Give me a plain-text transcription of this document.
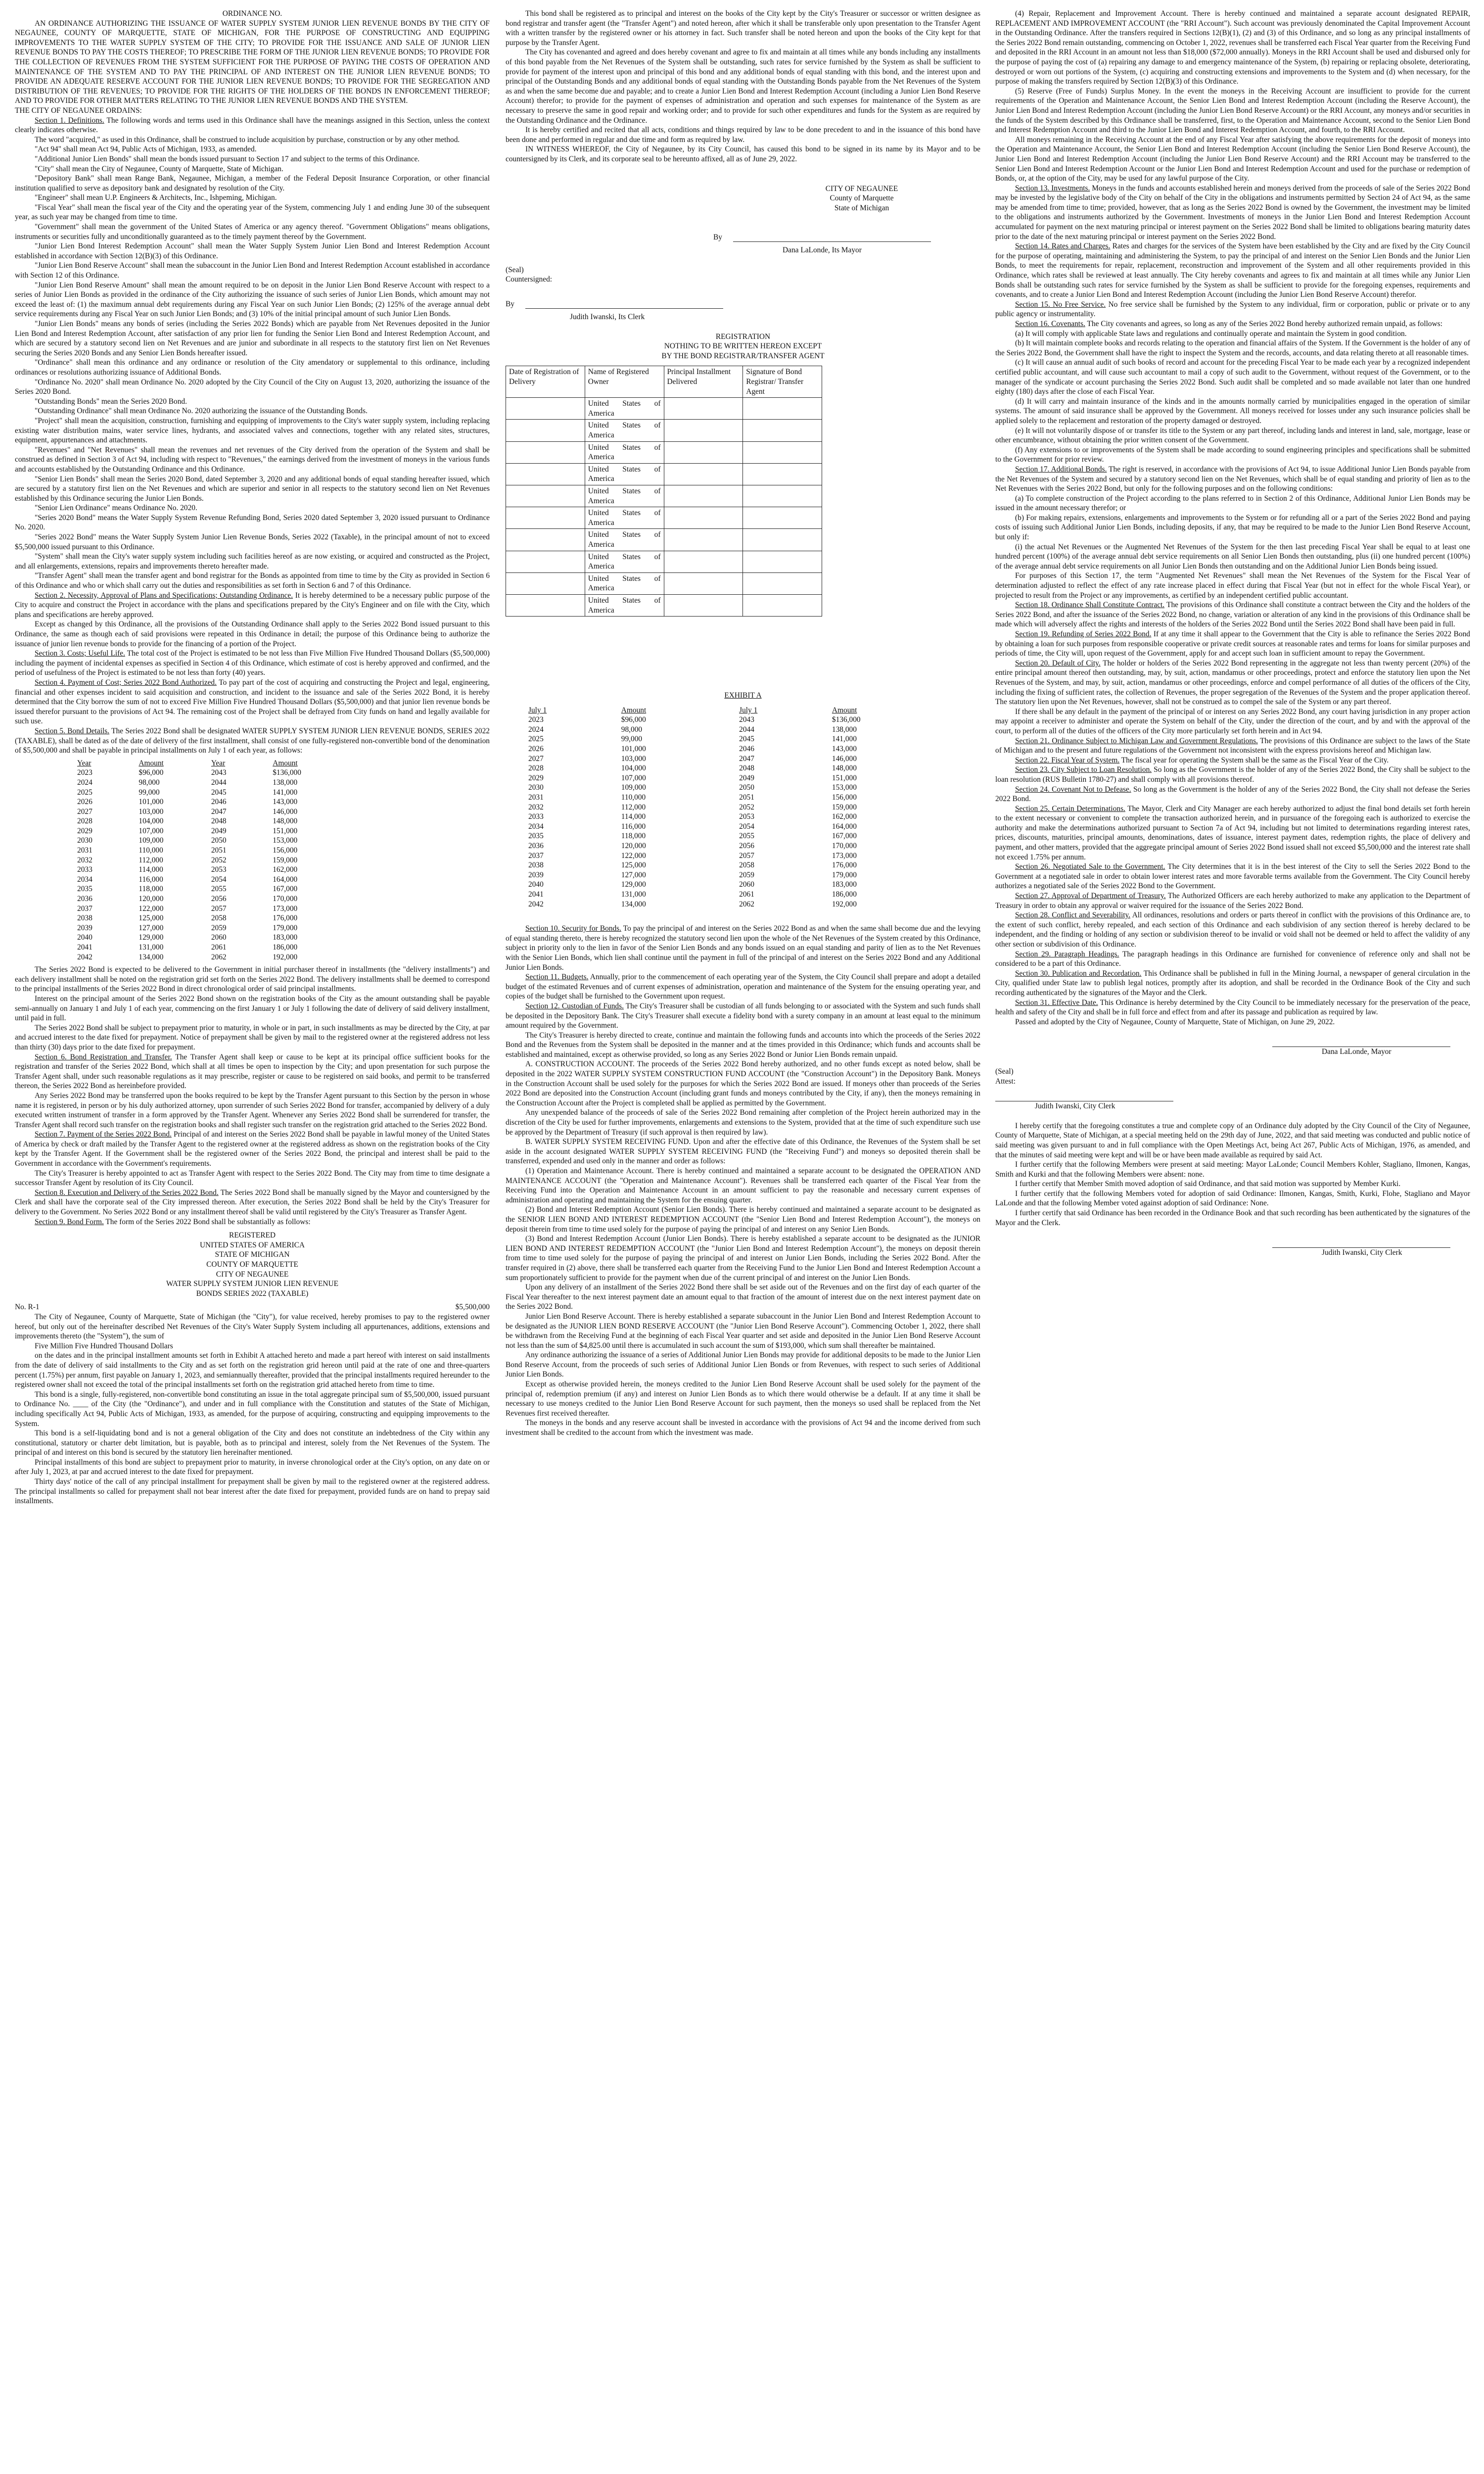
ORDINANCE NO.

AN ORDINANCE AUTHORIZING THE ISSUANCE OF WATER SUPPLY SYSTEM JUNIOR LIEN REVENUE BONDS BY THE CITY OF NEGAUNEE, COUNTY OF MARQUETTE, STATE OF MICHIGAN, FOR THE PURPOSE OF CONSTRUCTING AND EQUIPPING IMPROVEMENTS TO THE WATER SUPPLY SYSTEM OF THE CITY; TO PROVIDE FOR THE ISSUANCE AND SALE OF JUNIOR LIEN REVENUE BONDS TO PAY THE COSTS THEREOF; TO PRESCRIBE THE FORM OF THE JUNIOR LIEN REVENUE BONDS; TO PROVIDE FOR THE COLLECTION OF REVENUES FROM THE SYSTEM SUFFICIENT FOR THE PURPOSE OF PAYING THE COSTS OF OPERATION AND MAINTENANCE OF THE SYSTEM AND TO PAY THE PRINCIPAL OF AND INTEREST ON THE JUNIOR LIEN REVENUE BONDS; TO PROVIDE AN ADEQUATE RESERVE ACCOUNT FOR THE JUNIOR LIEN REVENUE BONDS; TO PROVIDE FOR THE SEGREGATION AND DISTRIBUTION OF THE REVENUES; TO PROVIDE FOR THE RIGHTS OF THE HOLDERS OF THE BONDS IN ENFORCEMENT THEREOF; AND TO PROVIDE FOR OTHER MATTERS RELATING TO THE JUNIOR LIEN REVENUE BONDS AND THE SYSTEM.

THE CITY OF NEGAUNEE ORDAINS:

Section 1. Definitions. The following words and terms used in this Ordinance shall have the meanings assigned in this Section, unless the context clearly indicates otherwise.

The word "acquired," as used in this Ordinance, shall be construed to include acquisition by purchase, construction or by any other method.

"Act 94" shall mean Act 94, Public Acts of Michigan, 1933, as amended.

"Additional Junior Lien Bonds" shall mean the bonds issued pursuant to Section 17 and subject to the terms of this Ordinance.

"City" shall mean the City of Negaunee, County of Marquette, State of Michigan.

"Depository Bank" shall mean Range Bank, Negaunee, Michigan, a member of the Federal Deposit Insurance Corporation, or other financial institution qualified to serve as depository bank and designated by resolution of the City.

"Engineer" shall mean U.P. Engineers & Architects, Inc., Ishpeming, Michigan.

"Fiscal Year" shall mean the fiscal year of the City and the operating year of the System, commencing July 1 and ending June 30 of the subsequent year, as such year may be changed from time to time.

"Government" shall mean the government of the United States of America or any agency thereof. "Government Obligations" means obligations, instruments or securities fully and unconditionally guaranteed as to the timely payment thereof by the Government.

"Junior Lien Bond Interest Redemption Account" shall mean the Water Supply System Junior Lien Bond and Interest Redemption Account established in accordance with Section 12(B)(3) of this Ordinance.

"Junior Lien Bond Reserve Account" shall mean the subaccount in the Junior Lien Bond and Interest Redemption Account established in accordance with Section 12 of this Ordinance.

"Junior Lien Bond Reserve Amount" shall mean the amount required to be on deposit in the Junior Lien Bond Reserve Account with respect to a series of Junior Lien Bonds as provided in the ordinance of the City authorizing the issuance of such series of Junior Lien Bonds, which amount may not exceed the least of: (1) the maximum annual debt requirements during any Fiscal Year on such Junior Lien Bonds; (2) 125% of the average annual debt service requirements during any Fiscal Year on such Junior Lien Bonds; and (3) 10% of the initial principal amount of such Junior Lien Bonds.

"Junior Lien Bonds" means any bonds of series (including the Series 2022 Bonds) which are payable from Net Revenues deposited in the Junior Lien Bond and Interest Redemption Account, after satisfaction of any prior lien for funding the Senior Lien Bond and Interest Redemption Account, and which are secured by a statutory second lien on Net Revenues and are junior and subordinate in all respects to the statutory first lien on Net Revenues securing the Series 2020 Bonds and any Senior Lien Bonds hereafter issued.

"Ordinance" shall mean this ordinance and any ordinance or resolution of the City amendatory or supplemental to this ordinance, including ordinances or resolutions authorizing issuance of Additional Bonds.

"Ordinance No. 2020" shall mean Ordinance No. 2020 adopted by the City Council of the City on August 13, 2020, authorizing the issuance of the Series 2020 Bond.

"Outstanding Bonds" mean the Series 2020 Bond.

"Outstanding Ordinance" shall mean Ordinance No. 2020 authorizing the issuance of the Outstanding Bonds.

"Project" shall mean the acquisition, construction, furnishing and equipping of improvements to the City's water supply system, including replacing existing water distribution mains, water service lines, hydrants, and associated valves and connections, together with any related sites, structures, equipment, appurtenances and attachments.

"Revenues" and "Net Revenues" shall mean the revenues and net revenues of the City derived from the operation of the System and shall be construed as defined in Section 3 of Act 94, including with respect to "Revenues," the earnings derived from the investment of moneys in the various funds and accounts established by the Outstanding Ordinance and this Ordinance.

"Senior Lien Bonds" shall mean the Series 2020 Bond, dated September 3, 2020 and any additional bonds of equal standing hereafter issued, which are secured by a statutory first lien on the Net Revenues and which are superior and senior in all respects to the statutory second lien on Net Revenues established by this Ordinance securing the Junior Lien Bonds.

"Senior Lien Ordinance" means Ordinance No. 2020.

"Series 2020 Bond" means the Water Supply System Revenue Refunding Bond, Series 2020 dated September 3, 2020 issued pursuant to Ordinance No. 2020.

"Series 2022 Bond" means the Water Supply System Junior Lien Revenue Bonds, Series 2022 (Taxable), in the principal amount of not to exceed $5,500,000 issued pursuant to this Ordinance.

"System" shall mean the City's water supply system including such facilities hereof as are now existing, or acquired and constructed as the Project, and all enlargements, extensions, repairs and improvements thereto hereafter made.

"Transfer Agent" shall mean the transfer agent and bond registrar for the Bonds as appointed from time to time by the City as provided in Section 6 of this Ordinance and who or which shall carry out the duties and responsibilities as set forth in Section 6 and 7 of this Ordinance.

Section 2. Necessity, Approval of Plans and Specifications; Outstanding Ordinance. It is hereby determined to be a necessary public purpose of the City to acquire and construct the Project in accordance with the plans and specifications prepared by the City's Engineer and on file with the City, which plans and specifications are hereby approved.

Except as changed by this Ordinance, all the provisions of the Outstanding Ordinance shall apply to the Series 2022 Bond issued pursuant to this Ordinance, the same as though each of said provisions were repeated in this Ordinance in detail; the purpose of this Ordinance being to authorize the issuance of junior lien revenue bonds to provide for the financing of a portion of the Project.

Section 3. Costs; Useful Life. The total cost of the Project is estimated to be not less than Five Million Five Hundred Thousand Dollars ($5,500,000) including the payment of incidental expenses as specified in Section 4 of this Ordinance, which estimate of cost is hereby approved and confirmed, and the period of usefulness of the Project is estimated to be not less than forty (40) years.

Section 4. Payment of Cost; Series 2022 Bond Authorized. To pay part of the cost of acquiring and constructing the Project and legal, engineering, financial and other expenses incident to said acquisition and construction, and incident to the issuance and sale of the Series 2022 Bond, it is hereby determined that the City borrow the sum of not to exceed Five Million Five Hundred Thousand Dollars ($5,500,000) and that junior lien revenue bonds be issued therefor pursuant to the provisions of Act 94. The remaining cost of the Project shall be defrayed from City funds on hand and legally available for such use.

Section 5. Bond Details. The Series 2022 Bond shall be designated WATER SUPPLY SYSTEM JUNIOR LIEN REVENUE BONDS, SERIES 2022 (TAXABLE), shall be dated as of the date of delivery of the first installment, shall consist of one fully-registered non-convertible bond of the denomination of $5,500,000 and shall be payable in principal installments on July 1 of each year, as follows:

Year	Amount	Year	Amount
2023	$96,000	2043	$136,000
2024	98,000	2044	138,000
2025	99,000	2045	141,000
2026	101,000	2046	143,000
2027	103,000	2047	146,000
2028	104,000	2048	148,000
2029	107,000	2049	151,000
2030	109,000	2050	153,000
2031	110,000	2051	156,000
2032	112,000	2052	159,000
2033	114,000	2053	162,000
2034	116,000	2054	164,000
2035	118,000	2055	167,000
2036	120,000	2056	170,000
2037	122,000	2057	173,000
2038	125,000	2058	176,000
2039	127,000	2059	179,000
2040	129,000	2060	183,000
2041	131,000	2061	186,000
2042	134,000	2062	192,000

The Series 2022 Bond is expected to be delivered to the Government in initial purchaser thereof in installments (the "delivery installments") and each delivery installment shall be noted on the registration grid set forth on the Series 2022 Bond. The delivery installments shall be deemed to correspond to the principal installments of the Series 2022 Bond in direct chronological order of said principal installments.

Interest on the principal amount of the Series 2022 Bond shown on the registration books of the City as the amount outstanding shall be payable semi-annually on January 1 and July 1 of each year, commencing on the first January 1 or July 1 following the date of delivery of said delivery installment, until paid in full.

The Series 2022 Bond shall be subject to prepayment prior to maturity, in whole or in part, in such installments as may be directed by the City, at par and accrued interest to the date fixed for prepayment. Notice of prepayment shall be given by mail to the registered owner at the registered address not less than thirty (30) days prior to the date fixed for prepayment.

Section 6. Bond Registration and Transfer. The Transfer Agent shall keep or cause to be kept at its principal office sufficient books for the registration and transfer of the Series 2022 Bond, which shall at all times be open to inspection by the City; and upon presentation for such purpose the Transfer Agent shall, under such reasonable regulations as it may prescribe, register or cause to be registered on said books, and permit to be transferred thereon, the Series 2022 Bond as hereinbefore provided.

Any Series 2022 Bond may be transferred upon the books required to be kept by the Transfer Agent pursuant to this Section by the person in whose name it is registered, in person or by his duly authorized attorney, upon surrender of such Series 2022 Bond for transfer, accompanied by delivery of a duly executed written instrument of transfer in a form approved by the Transfer Agent. Whenever any Series 2022 Bond shall be surrendered for transfer, the Transfer Agent shall record such transfer on the registration books and shall register such transfer on the registration grid attached to the Series 2022 Bond.

Section 7. Payment of the Series 2022 Bond. Principal of and interest on the Series 2022 Bond shall be payable in lawful money of the United States of America by check or draft mailed by the Transfer Agent to the registered owner at the registered address as shown on the registration books of the City kept by the Transfer Agent. If the Government shall be the registered owner of the Series 2022 Bond, the principal and interest shall be paid to the Government in accordance with the Government's requirements.

The City's Treasurer is hereby appointed to act as Transfer Agent with respect to the Series 2022 Bond. The City may from time to time designate a successor Transfer Agent by resolution of its City Council.

Section 8. Execution and Delivery of the Series 2022 Bond. The Series 2022 Bond shall be manually signed by the Mayor and countersigned by the Clerk and shall have the corporate seal of the City impressed thereon. After execution, the Series 2022 Bond shall be held by the City's Treasurer for delivery to the Government. No Series 2022 Bond or any installment thereof shall be valid until registered by the City's Treasurer as Transfer Agent.

Section 9. Bond Form. The form of the Series 2022 Bond shall be substantially as follows:

REGISTERED
UNITED STATES OF AMERICA
STATE OF MICHIGAN
COUNTY OF MARQUETTE
CITY OF NEGAUNEE
WATER SUPPLY SYSTEM JUNIOR LIEN REVENUE
BONDS SERIES 2022 (TAXABLE)
No. R-1	$5,500,000

The City of Negaunee, County of Marquette, State of Michigan (the "City"), for value received, hereby promises to pay to the registered owner hereof, but only out of the hereinafter described Net Revenues of the City's Water Supply System including all appurtenances, additions, extensions and improvements thereto (the "System"), the sum of

Five Million Five Hundred Thousand Dollars

on the dates and in the principal installment amounts set forth in Exhibit A attached hereto and made a part hereof with interest on said installments from the date of delivery of said installments to the City and as set forth on the registration grid hereon until paid at the rate of one and three-quarters percent (1.75%) per annum, first payable on January 1, 2023, and semiannually thereafter, provided that the principal installments required hereunder to the registered owner shall not exceed the total of the principal installments set forth on the registration grid attached hereto from time to time.

This bond is a single, fully-registered, non-convertible bond constituting an issue in the total aggregate principal sum of $5,500,000, issued pursuant to Ordinance No. ____ of the City (the "Ordinance"), and under and in full compliance with the Constitution and statutes of the State of Michigan, including specifically Act 94, Public Acts of Michigan, 1933, as amended, for the purpose of acquiring, constructing and equipping improvements to the System.

This bond is a self-liquidating bond and is not a general obligation of the City and does not constitute an indebtedness of the City within any constitutional, statutory or charter debt limitation, but is payable, both as to principal and interest, solely from the Net Revenues of the System. The principal of and interest on this bond is secured by the statutory lien hereinafter mentioned.

Principal installments of this bond are subject to prepayment prior to maturity, in inverse chronological order at the City's option, on any date on or after July 1, 2023, at par and accrued interest to the date fixed for prepayment.

Thirty days' notice of the call of any principal installment for prepayment shall be given by mail to the registered owner at the registered address. The principal installments so called for prepayment shall not bear interest after the date fixed for prepayment, provided funds are on hand to prepay said installments.

This bond shall be registered as to principal and interest on the books of the City kept by the City's Treasurer or successor or written designee as bond registrar and transfer agent (the "Transfer Agent") and noted hereon, after which it shall be transferable only upon presentation to the Transfer Agent with a written transfer by the registered owner or his attorney in fact. Such transfer shall be noted hereon and upon the books of the City kept for that purpose by the Transfer Agent.

The City has covenanted and agreed and does hereby covenant and agree to fix and maintain at all times while any bonds including any installments of this bond payable from the Net Revenues of the System shall be outstanding, such rates for service furnished by the System as shall be sufficient to provide for payment of the interest upon and principal of this bond and any additional bonds of equal standing with this bond, and the interest upon and principal of the Outstanding Bonds and any additional bonds of equal standing with the Outstanding Bonds payable from the Net Revenues of the System as and when the same become due and payable; and to create a Junior Lien Bond and Interest Redemption Account (including a Junior Lien Bond Reserve Account) therefor; to provide for the payment of expenses of administration and operation and such expenses for maintenance of the System as are necessary to preserve the same in good repair and working order; and to provide for such other expenditures and funds for the System as are required by the Outstanding Ordinance and the Ordinance.

It is hereby certified and recited that all acts, conditions and things required by law to be done precedent to and in the issuance of this bond have been done and performed in regular and due time and form as required by law.

IN WITNESS WHEREOF, the City of Negaunee, by its City Council, has caused this bond to be signed in its name by its Mayor and to be countersigned by its Clerk, and its corporate seal to be hereunto affixed, all as of June 29, 2022.

CITY OF NEGAUNEE
County of Marquette
State of Michigan
By
Dana LaLonde, Its Mayor
(Seal)
Countersigned:
By
Judith Iwanski, Its Clerk
REGISTRATION
NOTHING TO BE WRITTEN HEREON EXCEPT
BY THE BOND REGISTRAR/TRANSFER AGENT
Date of Registration of Delivery	Name of Registered Owner	Principal Installment Delivered	Signature of Bond Registrar/ Transfer Agent
	United States of America		
	United States of America		
	United States of America		
	United States of America		
	United States of America		
	United States of America		
	United States of America		
	United States of America		
	United States of America		
	United States of America		
EXHIBIT A
July 1	Amount	July 1	Amount
2023	$96,000	2043	$136,000
2024	98,000	2044	138,000
2025	99,000	2045	141,000
2026	101,000	2046	143,000
2027	103,000	2047	146,000
2028	104,000	2048	148,000
2029	107,000	2049	151,000
2030	109,000	2050	153,000
2031	110,000	2051	156,000
2032	112,000	2052	159,000
2033	114,000	2053	162,000
2034	116,000	2054	164,000
2035	118,000	2055	167,000
2036	120,000	2056	170,000
2037	122,000	2057	173,000
2038	125,000	2058	176,000
2039	127,000	2059	179,000
2040	129,000	2060	183,000
2041	131,000	2061	186,000
2042	134,000	2062	192,000

Section 10. Security for Bonds. To pay the principal of and interest on the Series 2022 Bond as and when the same shall become due and the levying of equal standing thereto, there is hereby recognized the statutory second lien upon the whole of the Net Revenues of the System created by this Ordinance, subject in priority only to the lien in favor of the Senior Lien Bonds and any bonds issued on an equal standing and parity of lien as to the Net Revenues with the Senior Lien Bonds, which lien shall continue until the payment in full of the principal of and interest on the Series 2022 Bond and any Additional Junior Lien Bonds.

Section 11. Budgets. Annually, prior to the commencement of each operating year of the System, the City Council shall prepare and adopt a detailed budget of the estimated Revenues and of current expenses of administration, operation and maintenance of the System for the ensuing operating year, and copies of the budget shall be furnished to the Government upon request.

Section 12. Custodian of Funds. The City's Treasurer shall be custodian of all funds belonging to or associated with the System and such funds shall be deposited in the Depository Bank. The City's Treasurer shall execute a fidelity bond with a surety company in an amount at least equal to the minimum amount required by the Government.

The City's Treasurer is hereby directed to create, continue and maintain the following funds and accounts into which the proceeds of the Series 2022 Bond and the Revenues from the System shall be deposited in the manner and at the times provided in this Ordinance; which funds and accounts shall be established and maintained, except as otherwise provided, so long as any Series 2022 Bond or Junior Lien Bonds remain unpaid.

A. CONSTRUCTION ACCOUNT. The proceeds of the Series 2022 Bond hereby authorized, and no other funds except as noted below, shall be deposited in the 2022 WATER SUPPLY SYSTEM CONSTRUCTION FUND ACCOUNT (the "Construction Account") in the Depository Bank. Moneys in the Construction Account shall be used solely for the purposes for which the Series 2022 Bond are issued. If moneys other than proceeds of the Series 2022 Bond are deposited into the Construction Account (including grant funds and moneys contributed by the City, if any), then the moneys remaining in the Construction Account after the Project is completed shall be applied as permitted by the Government.

Any unexpended balance of the proceeds of sale of the Series 2022 Bond remaining after completion of the Project herein authorized may in the discretion of the City be used for further improvements, enlargements and extensions to the System, provided that at the time of such expenditure such use be approved by the Department of Treasury (if such approval is then required by law).

B. WATER SUPPLY SYSTEM RECEIVING FUND. Upon and after the effective date of this Ordinance, the Revenues of the System shall be set aside in the account designated WATER SUPPLY SYSTEM RECEIVING FUND (the "Receiving Fund") and moneys so deposited therein shall be transferred, expended and used only in the manner and order as follows:

(1) Operation and Maintenance Account. There is hereby continued and maintained a separate account to be designated the OPERATION AND MAINTENANCE ACCOUNT (the "Operation and Maintenance Account"). Revenues shall be transferred each quarter of the Fiscal Year from the Receiving Fund into the Operation and Maintenance Account in an amount sufficient to pay the reasonable and necessary current expenses of administration and operating and maintaining the System for the ensuing quarter.

(2) Bond and Interest Redemption Account (Senior Lien Bonds). There is hereby continued and maintained a separate account to be designated as the SENIOR LIEN BOND AND INTEREST REDEMPTION ACCOUNT (the "Senior Lien Bond and Interest Redemption Account"), the moneys on deposit therein from time to time used solely for the purpose of paying the principal of and interest on any Senior Lien Bonds.

(3) Bond and Interest Redemption Account (Junior Lien Bonds). There is hereby established a separate account to be designated as the JUNIOR LIEN BOND AND INTEREST REDEMPTION ACCOUNT (the "Junior Lien Bond and Interest Redemption Account"), the moneys on deposit therein from time to time used solely for the purpose of paying the principal of and interest on Junior Lien Bonds, including the Series 2022 Bond. After the transfer required in (2) above, there shall be transferred each quarter from the Receiving Fund to the Junior Lien Bond and Interest Redemption Account a sum proportionately sufficient to provide for the payment when due of the current principal of and interest on the Junior Lien Bonds.

Upon any delivery of an installment of the Series 2022 Bond there shall be set aside out of the Revenues and on the first day of each quarter of the Fiscal Year thereafter to the next interest payment date an amount equal to that fraction of the amount of interest due on the next interest payment date on the Series 2022 Bond.

Junior Lien Bond Reserve Account. There is hereby established a separate subaccount in the Junior Lien Bond and Interest Redemption Account to be designated as the JUNIOR LIEN BOND RESERVE ACCOUNT (the "Junior Lien Bond Reserve Account"). Commencing October 1, 2022, there shall be withdrawn from the Receiving Fund at the beginning of each Fiscal Year quarter and set aside and deposited in the Junior Lien Bond Reserve Account not less than the sum of $4,825.00 until there is accumulated in such account the sum of $193,000, which sum shall thereafter be maintained.

Any ordinance authorizing the issuance of a series of Additional Junior Lien Bonds may provide for additional deposits to be made to the Junior Lien Bond Reserve Account, from the proceeds of such series of Additional Junior Lien Bonds or from Revenues, with respect to such series of Additional Junior Lien Bonds.

Except as otherwise provided herein, the moneys credited to the Junior Lien Bond Reserve Account shall be used solely for the payment of the principal of, redemption premium (if any) and interest on Junior Lien Bonds as to which there would otherwise be a default. If at any time it shall be necessary to use moneys credited to the Junior Lien Bond Reserve Account for such payment, then the moneys so used shall be replaced from the Net Revenues first received thereafter.

The moneys in the bonds and any reserve account shall be invested in accordance with the provisions of Act 94 and the income derived from such investment shall be credited to the account from which the investment was made.

(4) Repair, Replacement and Improvement Account. There is hereby continued and maintained a separate account designated REPAIR, REPLACEMENT AND IMPROVEMENT ACCOUNT (the "RRI Account"). Such account was previously denominated the Capital Improvement Account in the Outstanding Ordinance. After the transfers required in Sections 12(B)(1), (2) and (3) of this Ordinance, and so long as any principal installments of the Series 2022 Bond remain outstanding, commencing on October 1, 2022, revenues shall be transferred each Fiscal Year quarter from the Receiving Fund and deposited in the RRI Account in an amount not less than $18,000 ($72,000 annually). Moneys in the RRI Account shall be used and disbursed only for the purpose of paying the cost of (a) repairing any damage to and emergency maintenance of the System, (b) repairing or replacing obsolete, deteriorating, destroyed or worn out portions of the System, (c) acquiring and constructing extensions and improvements to the System and (d) when necessary, for the purpose of making the transfers required by Section 12(B)(3) of this Ordinance.

(5) Reserve (Free of Funds) Surplus Money. In the event the moneys in the Receiving Account are insufficient to provide for the current requirements of the Operation and Maintenance Account, the Senior Lien Bond and Interest Redemption Account (including the Reserve Account), the Junior Lien Bond and Interest Redemption Account (including the Junior Lien Bond Reserve Account) or the RRI Account, any moneys and/or securities in the funds of the System described by this Ordinance shall be transferred, first, to the Operation and Maintenance Account, second to the Senior Lien Bond and Interest Redemption Account and third to the Junior Lien Bond and Interest Redemption Account, and fourth, to the RRI Account.

All moneys remaining in the Receiving Account at the end of any Fiscal Year after satisfying the above requirements for the deposit of moneys into the Operation and Maintenance Account, the Senior Lien Bond and Interest Redemption Account (including the Senior Lien Bond Reserve Account), the Junior Lien Bond and Interest Redemption Account (including the Junior Lien Bond Reserve Account) and the RRI Account may be transferred to the Senior Lien Bond and Interest Redemption Account or the Junior Lien Bond and Interest Redemption Account and used for the purchase or redemption of Bonds, or, at the option of the City, may be used for any lawful purpose of the City.

Section 13. Investments. Moneys in the funds and accounts established herein and moneys derived from the proceeds of sale of the Series 2022 Bond may be invested by the legislative body of the City on behalf of the City in the obligations and instruments permitted by Section 24 of Act 94, as the same may be amended from time to time; provided, however, that as long as the Series 2022 Bond is owned by the Government, the investment may be limited to the obligations and instruments authorized by the Government. Investments of moneys in the Junior Lien Bond and Interest Redemption Account accumulated for payment on the next maturing principal or interest payment on the Series 2022 Bond shall be limited to obligations bearing maturity dates prior to the date of the next maturing principal or interest payment on the Series 2022 Bond.

Section 14. Rates and Charges. Rates and charges for the services of the System have been established by the City and are fixed by the City Council for the purpose of operating, maintaining and administering the System, to pay the principal of and interest on the Senior Lien Bonds and the Junior Lien Bonds, to meet the requirements for repair, replacement, reconstruction and improvement of the System and all other requirements provided in this Ordinance, which rates shall be reviewed at least annually. The City hereby covenants and agrees to fix and maintain at all times while any Junior Lien Bonds shall be outstanding such rates for service furnished by the System as shall be sufficient to provide for the foregoing expenses, requirements and covenants, and to create a Junior Lien Bond and Interest Redemption Account (including the Junior Lien Bond Reserve Account) therefor.

Section 15. No Free Service. No free service shall be furnished by the System to any individual, firm or corporation, public or private or to any public agency or instrumentality.

Section 16. Covenants. The City covenants and agrees, so long as any of the Series 2022 Bond hereby authorized remain unpaid, as follows:

(a) It will comply with applicable State laws and regulations and continually operate and maintain the System in good condition.

(b) It will maintain complete books and records relating to the operation and financial affairs of the System. If the Government is the holder of any of the Series 2022 Bond, the Government shall have the right to inspect the System and the records, accounts, and data relating thereto at all reasonable times.

(c) It will cause an annual audit of such books of record and account for the preceding Fiscal Year to be made each year by a recognized independent certified public accountant, and will cause such accountant to mail a copy of such audit to the Government, without request of the Government, or to the manager of the syndicate or account purchasing the Series 2022 Bond. Such audit shall be completed and so made available not later than one hundred eighty (180) days after the close of each Fiscal Year.

(d) It will carry and maintain insurance of the kinds and in the amounts normally carried by municipalities engaged in the operation of similar systems. The amount of said insurance shall be approved by the Government. All moneys received for losses under any such insurance policies shall be applied solely to the replacement and restoration of the property damaged or destroyed.

(e) It will not voluntarily dispose of or transfer its title to the System or any part thereof, including lands and interest in land, sale, mortgage, lease or other encumbrance, without obtaining the prior written consent of the Government.

(f) Any extensions to or improvements of the System shall be made according to sound engineering principles and specifications shall be submitted to the Government for prior review.

Section 17. Additional Bonds. The right is reserved, in accordance with the provisions of Act 94, to issue Additional Junior Lien Bonds payable from the Net Revenues of the System and secured by a statutory second lien on the Net Revenues, which shall be of equal standing and priority of lien as to the Net Revenues with the Series 2022 Bond, but only for the following purposes and on the following conditions:

(a) To complete construction of the Project according to the plans referred to in Section 2 of this Ordinance, Additional Junior Lien Bonds may be issued in the amount necessary therefor; or

(b) For making repairs, extensions, enlargements and improvements to the System or for refunding all or a part of the Series 2022 Bond and paying costs of issuing such Additional Junior Lien Bonds, including deposits, if any, that may be required to be made to the Junior Lien Bond Reserve Account, but only if:

(i) the actual Net Revenues or the Augmented Net Revenues of the System for the then last preceding Fiscal Year shall be equal to at least one hundred percent (100%) of the average annual debt service requirements on all Senior Lien Bonds then outstanding, plus (ii) one hundred percent (100%) of the average annual debt service requirements on all Junior Lien Bonds then outstanding and on the Additional Junior Lien Bonds being issued.

For purposes of this Section 17, the term "Augmented Net Revenues" shall mean the Net Revenues of the System for the Fiscal Year of determination adjusted to reflect the effect of any rate increase placed in effect during that Fiscal Year (but not in effect for the whole Fiscal Year), or projected to result from the Project or any improvements, as certified by an independent certified public accountant.

Section 18. Ordinance Shall Constitute Contract. The provisions of this Ordinance shall constitute a contract between the City and the holders of the Series 2022 Bond, and after the issuance of the Series 2022 Bond, no change, variation or alteration of any kind in the provisions of this Ordinance shall be made which will adversely affect the rights and interests of the holders of the Series 2022 Bond until the Series 2022 Bond shall have been paid in full.

Section 19. Refunding of Series 2022 Bond. If at any time it shall appear to the Government that the City is able to refinance the Series 2022 Bond by obtaining a loan for such purposes from responsible cooperative or private credit sources at reasonable rates and terms for loans for similar purposes and periods of time, the City will, upon request of the Government, apply for and accept such loan in sufficient amount to repay the Government.

Section 20. Default of City. The holder or holders of the Series 2022 Bond representing in the aggregate not less than twenty percent (20%) of the entire principal amount thereof then outstanding, may, by suit, action, mandamus or other proceedings, protect and enforce the statutory lien upon the Net Revenues of the System, and may, by suit, action, mandamus or other proceedings, enforce and compel performance of all duties of the officers of the City, including the fixing of sufficient rates, the collection of Revenues, the proper segregation of the Revenues of the System and the proper application thereof. The statutory lien upon the Net Revenues, however, shall not be construed as to compel the sale of the System or any part thereof.

If there shall be any default in the payment of the principal of or interest on any Series 2022 Bond, any court having jurisdiction in any proper action may appoint a receiver to administer and operate the System on behalf of the City, under the direction of the court, and by and with the approval of the court, to perform all of the duties of the officers of the City more particularly set forth herein and in Act 94.

Section 21. Ordinance Subject to Michigan Law and Government Regulations. The provisions of this Ordinance are subject to the laws of the State of Michigan and to the present and future regulations of the Government not inconsistent with the express provisions hereof and Michigan law.

Section 22. Fiscal Year of System. The fiscal year for operating the System shall be the same as the Fiscal Year of the City.

Section 23. City Subject to Loan Resolution. So long as the Government is the holder of any of the Series 2022 Bond, the City shall be subject to the loan resolution (RUS Bulletin 1780-27) and shall comply with all provisions thereof.

Section 24. Covenant Not to Defease. So long as the Government is the holder of any of the Series 2022 Bond, the City shall not defease the Series 2022 Bond.

Section 25. Certain Determinations. The Mayor, Clerk and City Manager are each hereby authorized to adjust the final bond details set forth herein to the extent necessary or convenient to complete the transaction authorized herein, and in pursuance of the foregoing each is authorized to exercise the authority and make the determinations authorized pursuant to Section 7a of Act 94, including but not limited to determinations regarding interest rates, prices, discounts, maturities, principal amounts, denominations, dates of issuance, interest payment dates, redemption rights, the place of delivery and payment, and other matters, provided that the aggregate principal amount of Series 2022 Bond issued shall not exceed $5,500,000 and the interest rate shall not exceed 1.75% per annum.

Section 26. Negotiated Sale to the Government. The City determines that it is in the best interest of the City to sell the Series 2022 Bond to the Government at a negotiated sale in order to obtain lower interest rates and more favorable terms available from the Government. The City Council hereby authorizes a negotiated sale of the Series 2022 Bond to the Government.

Section 27. Approval of Department of Treasury. The Authorized Officers are each hereby authorized to make any application to the Department of Treasury in order to obtain any approval or waiver required for the issuance of the Series 2022 Bond.

Section 28. Conflict and Severability. All ordinances, resolutions and orders or parts thereof in conflict with the provisions of this Ordinance are, to the extent of such conflict, hereby repealed, and each section of this Ordinance and each subdivision of any section thereof is hereby declared to be independent, and the finding or holding of any section or subdivision thereof to be invalid or void shall not be deemed or held to affect the validity of any other section or subdivision of this Ordinance.

Section 29. Paragraph Headings. The paragraph headings in this Ordinance are furnished for convenience of reference only and shall not be considered to be a part of this Ordinance.

Section 30. Publication and Recordation. This Ordinance shall be published in full in the Mining Journal, a newspaper of general circulation in the City, qualified under State law to publish legal notices, promptly after its adoption, and shall be recorded in the Ordinance Book of the City and such recording authenticated by the signatures of the Mayor and the Clerk.

Section 31. Effective Date. This Ordinance is hereby determined by the City Council to be immediately necessary for the preservation of the peace, health and safety of the City and shall be in full force and effect from and after its passage and publication as required by law.

Passed and adopted by the City of Negaunee, County of Marquette, State of Michigan, on June 29, 2022.

Dana LaLonde, Mayor
(Seal)
Attest:
Judith Iwanski, City Clerk

I hereby certify that the foregoing constitutes a true and complete copy of an Ordinance duly adopted by the City Council of the City of Negaunee, County of Marquette, State of Michigan, at a special meeting held on the 29th day of June, 2022, and that said meeting was conducted and public notice of said meeting was given pursuant to and in full compliance with the Open Meetings Act, being Act 267, Public Acts of Michigan, 1976, as amended, and that the minutes of said meeting were kept and will be or have been made available as required by said Act.

I further certify that the following Members were present at said meeting: Mayor LaLonde; Council Members Kohler, Stagliano, Ilmonen, Kangas, Smith and Kurki and that the following Members were absent: none.

I further certify that Member Smith moved adoption of said Ordinance, and that said motion was supported by Member Kurki.

I further certify that the following Members voted for adoption of said Ordinance: Ilmonen, Kangas, Smith, Kurki, Flohe, Stagliano and Mayor LaLonde and that the following Member voted against adoption of said Ordinance: None.

I further certify that said Ordinance has been recorded in the Ordinance Book and that such recording has been authenticated by the signatures of the Mayor and the Clerk.

Judith Iwanski, City Clerk
